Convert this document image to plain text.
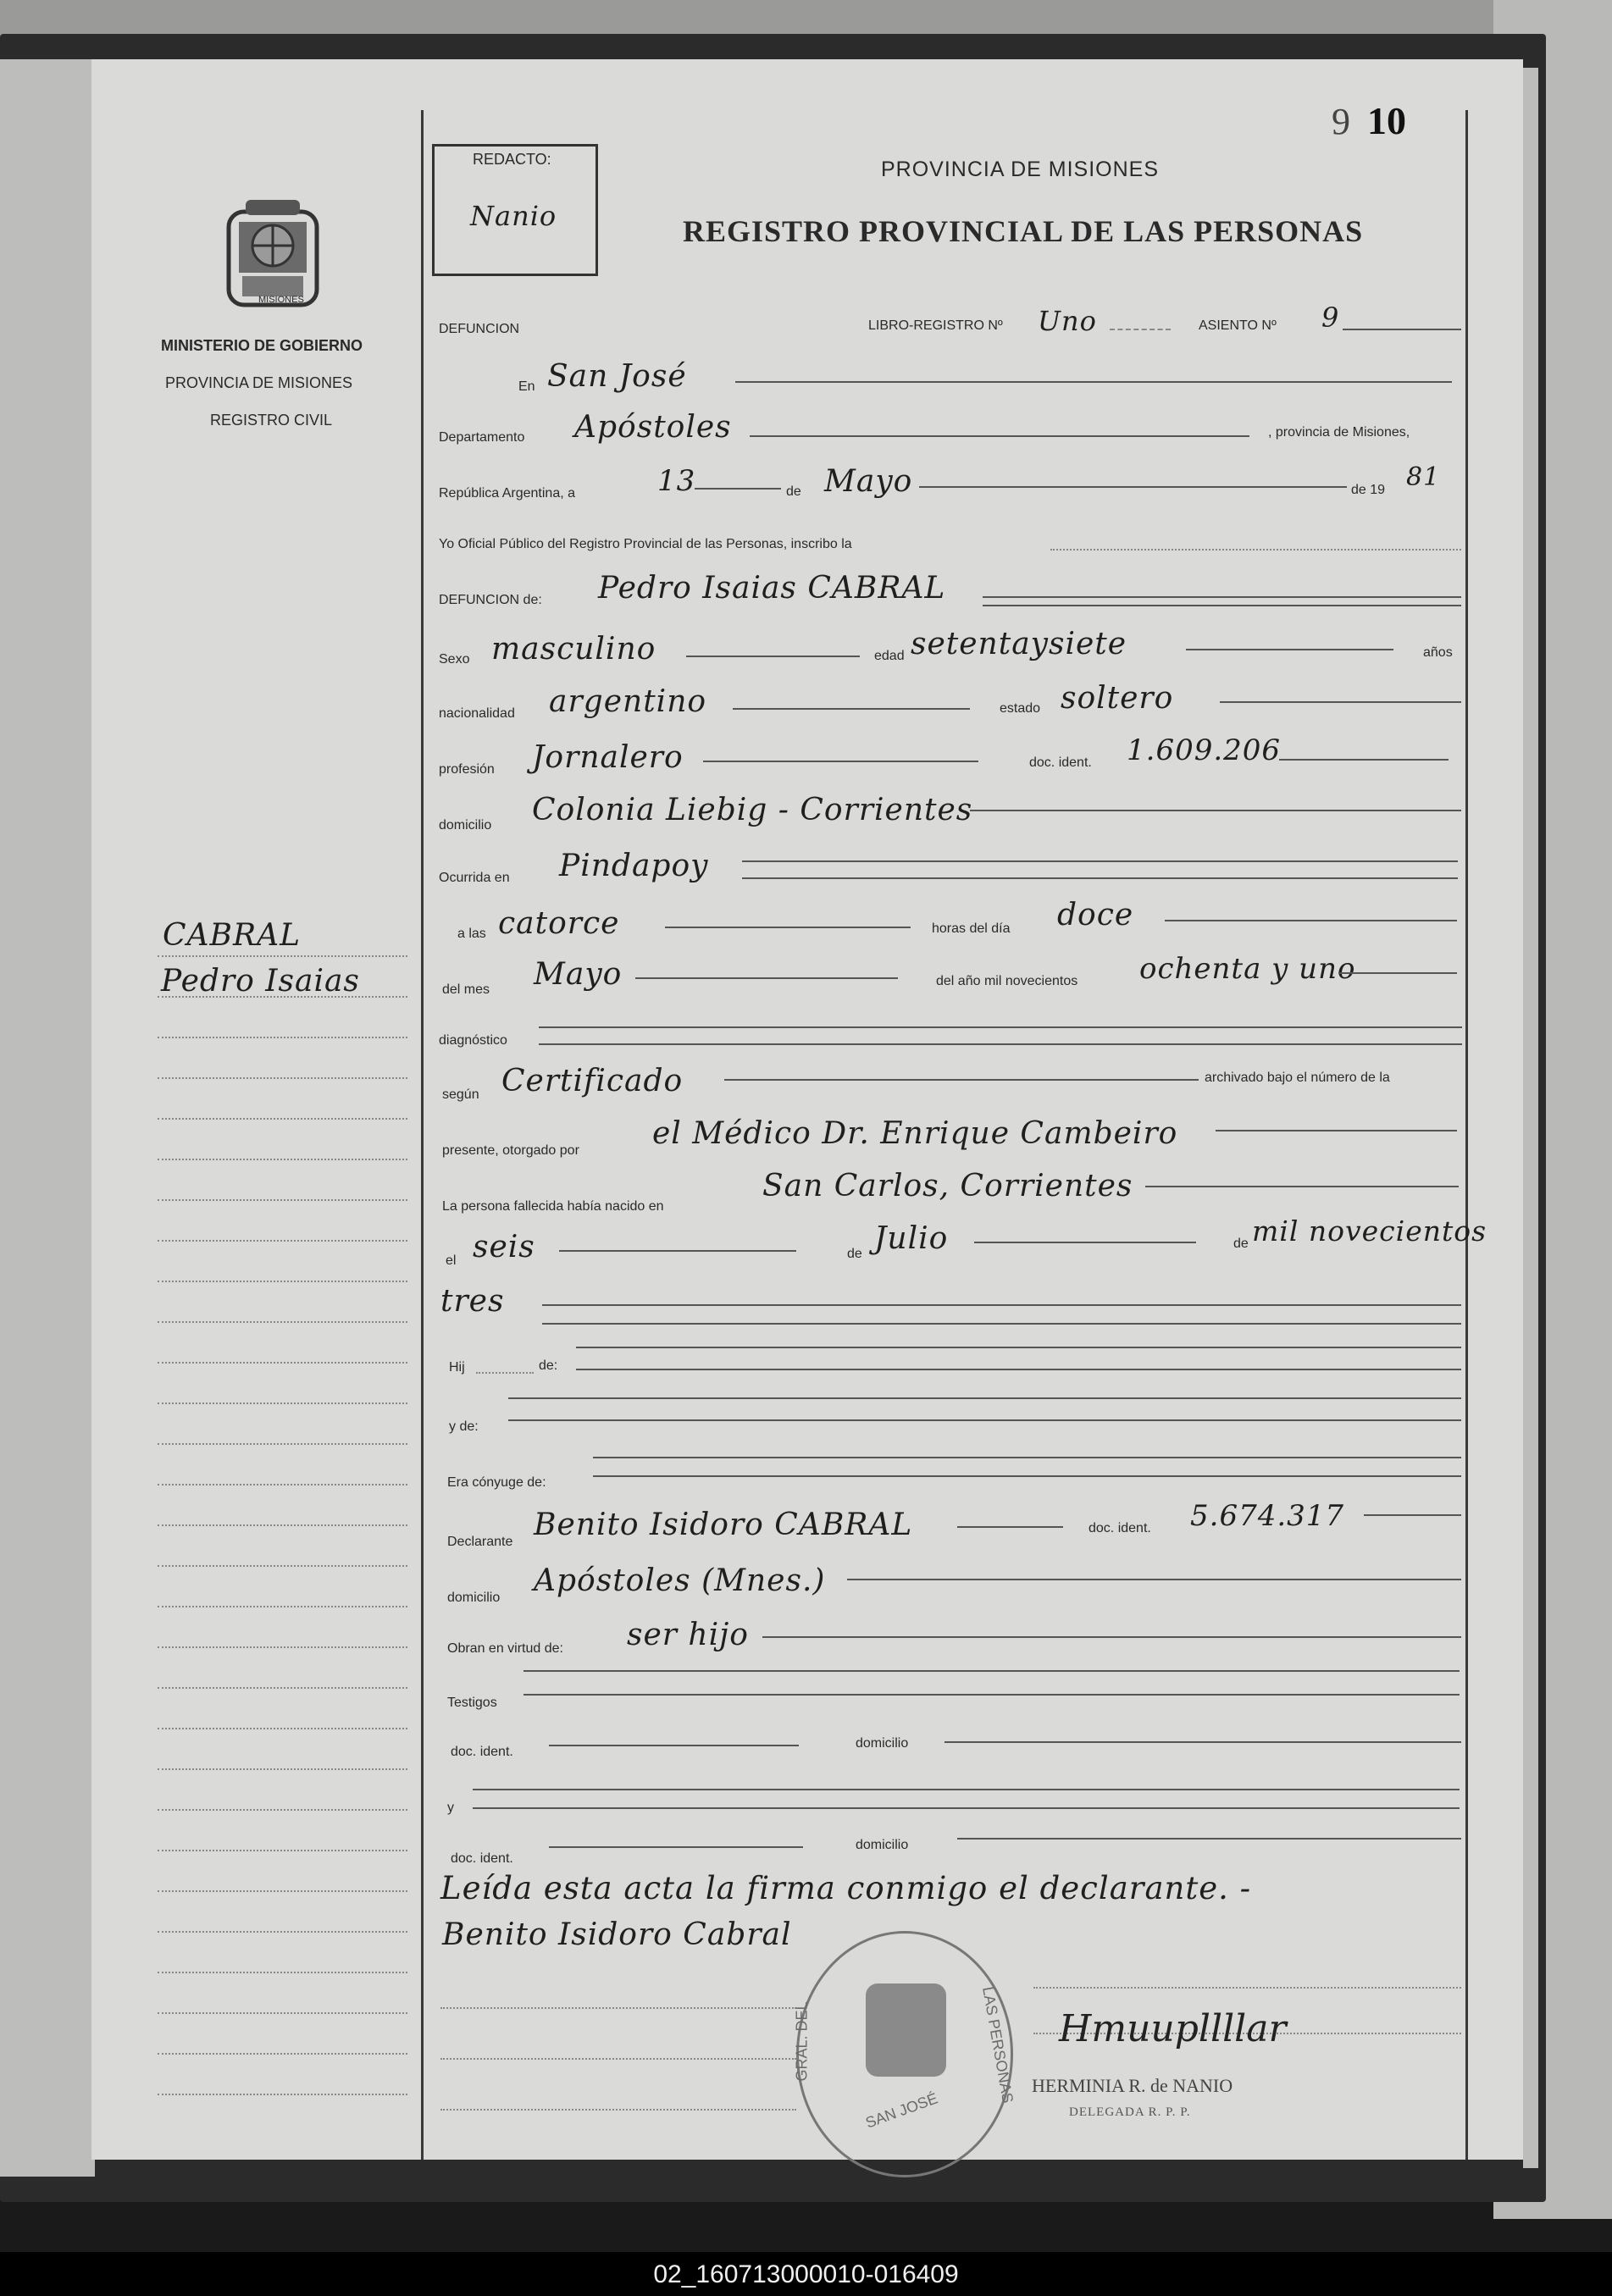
9 10
REDACTO:
Nanio
PROVINCIA DE MISIONES
REGISTRO PROVINCIAL DE LAS PERSONAS
MISIONES
MINISTERIO DE GOBIERNO
PROVINCIA DE MISIONES
REGISTRO CIVIL
CABRAL
Pedro Isaias
DEFUNCION	LIBRO-REGISTRO Nº Uno	ASIENTO Nº 9
En San José
Departamento Apóstoles	, provincia de Misiones,
República Argentina, a	13	de Mayo	de 19 81
Yo Oficial Público del Registro Provincial de las Personas, inscribo la
DEFUNCION de: Pedro Isaias CABRAL
Sexo masculino	edad setentaysiete	años
nacionalidad argentino	estado soltero
profesión Jornalero	doc. ident. 1.609.206
domicilio Colonia Liebig - Corrientes
Ocurrida en Pindapoy
a las catorce	horas del día doce
del mes Mayo	del año mil novecientos ochenta y uno
diagnóstico
según Certificado	archivado bajo el número de la
presente, otorgado por el Médico Dr. Enrique Cambeiro
La persona fallecida había nacido en
San Carlos, Corrientes
el seis	de Julio	de mil novecientos
tres
Hij	de:
y de:
Era cónyuge de:
Declarante Benito Isidoro CABRAL	doc. ident. 5.674.317
domicilio Apóstoles (Mnes.)
Obran en virtud de: ser hijo
Testigos
doc. ident.
domicilio
y
doc. ident.
domicilio
Leída esta acta la firma conmigo el declarante. -
Benito Isidoro Cabral
GRAL. DEL	LAS PERSONAS
SAN JOSÉ
Hmuupllllar
HERMINIA R. de NANIO
DELEGADA R. P. P.
02_160713000010-016409
